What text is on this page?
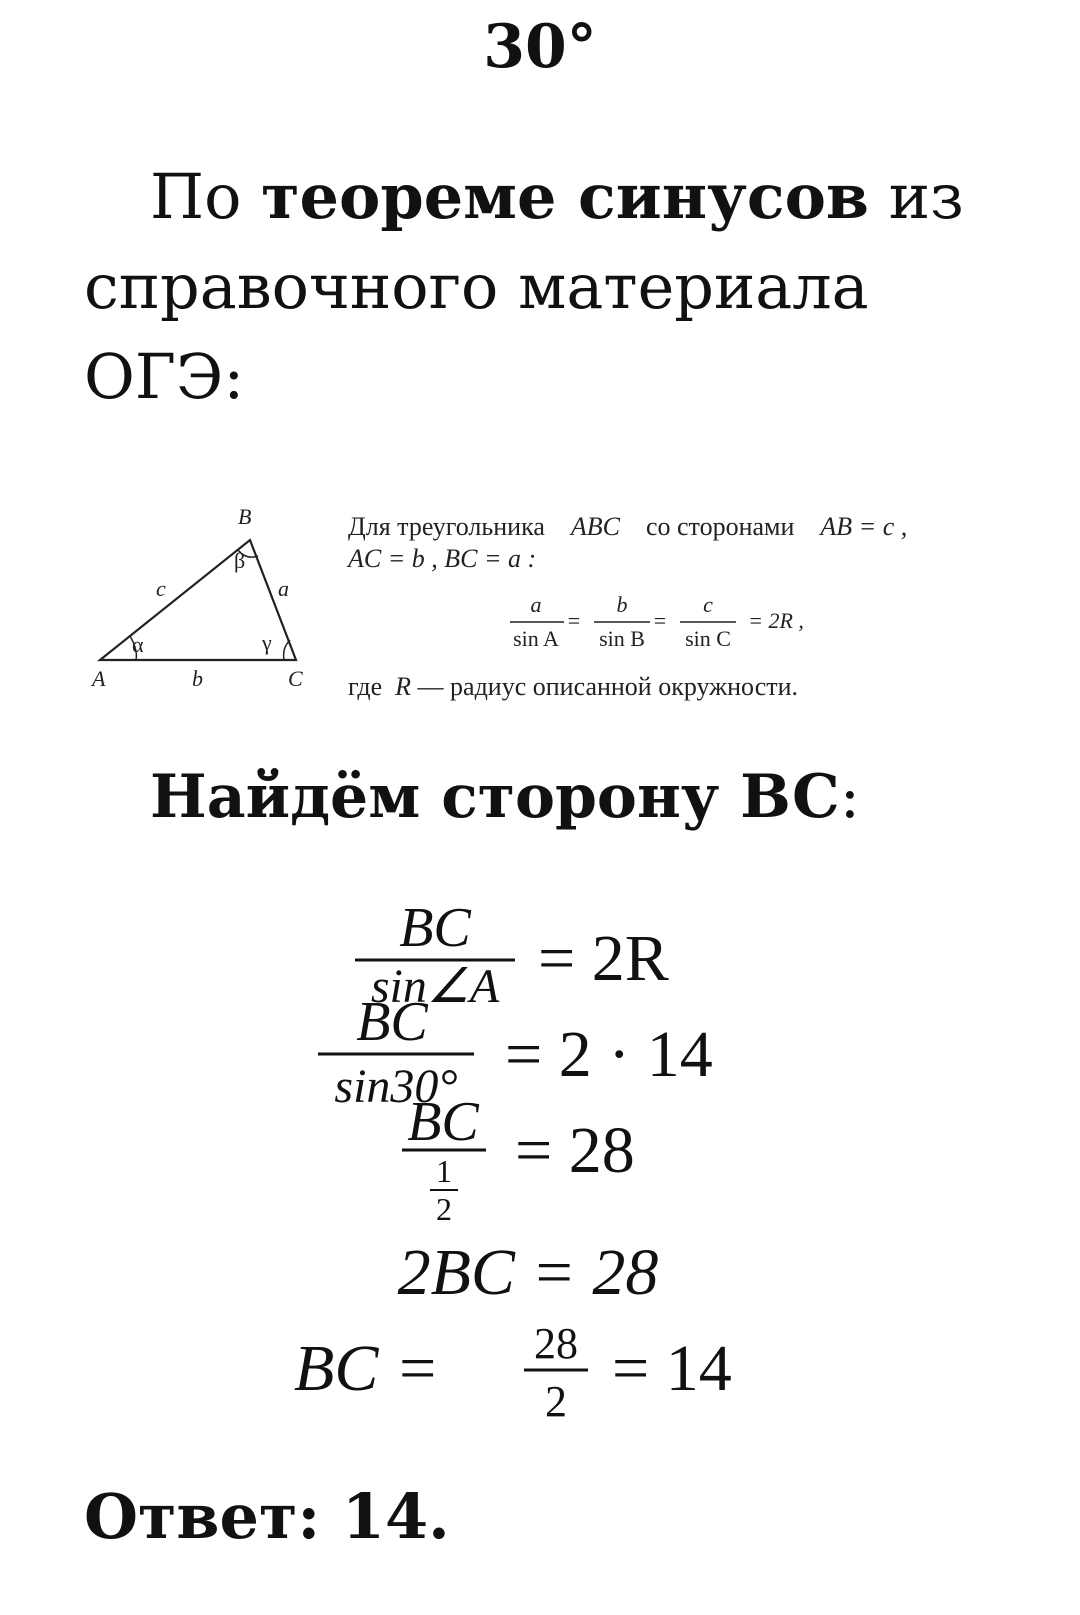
30°
По теореме синусов из
справочного материала
ОГЭ:
A
B
C
a
b
c
α
β
γ
Для треугольника ABC со сторонами AB = c ,
AC = b , BC = a :
a
sin A
=
b
sin B
=
c
sin C
= 2R ,
где R — радиус описанной окружности.
Найдём сторону BC:
BC
sin∠A = 2R
BC
sin30° = 2 · 14
BC
1
2
= 28
2BC = 28
BC = 28
2 = 14
Ответ: 14.
